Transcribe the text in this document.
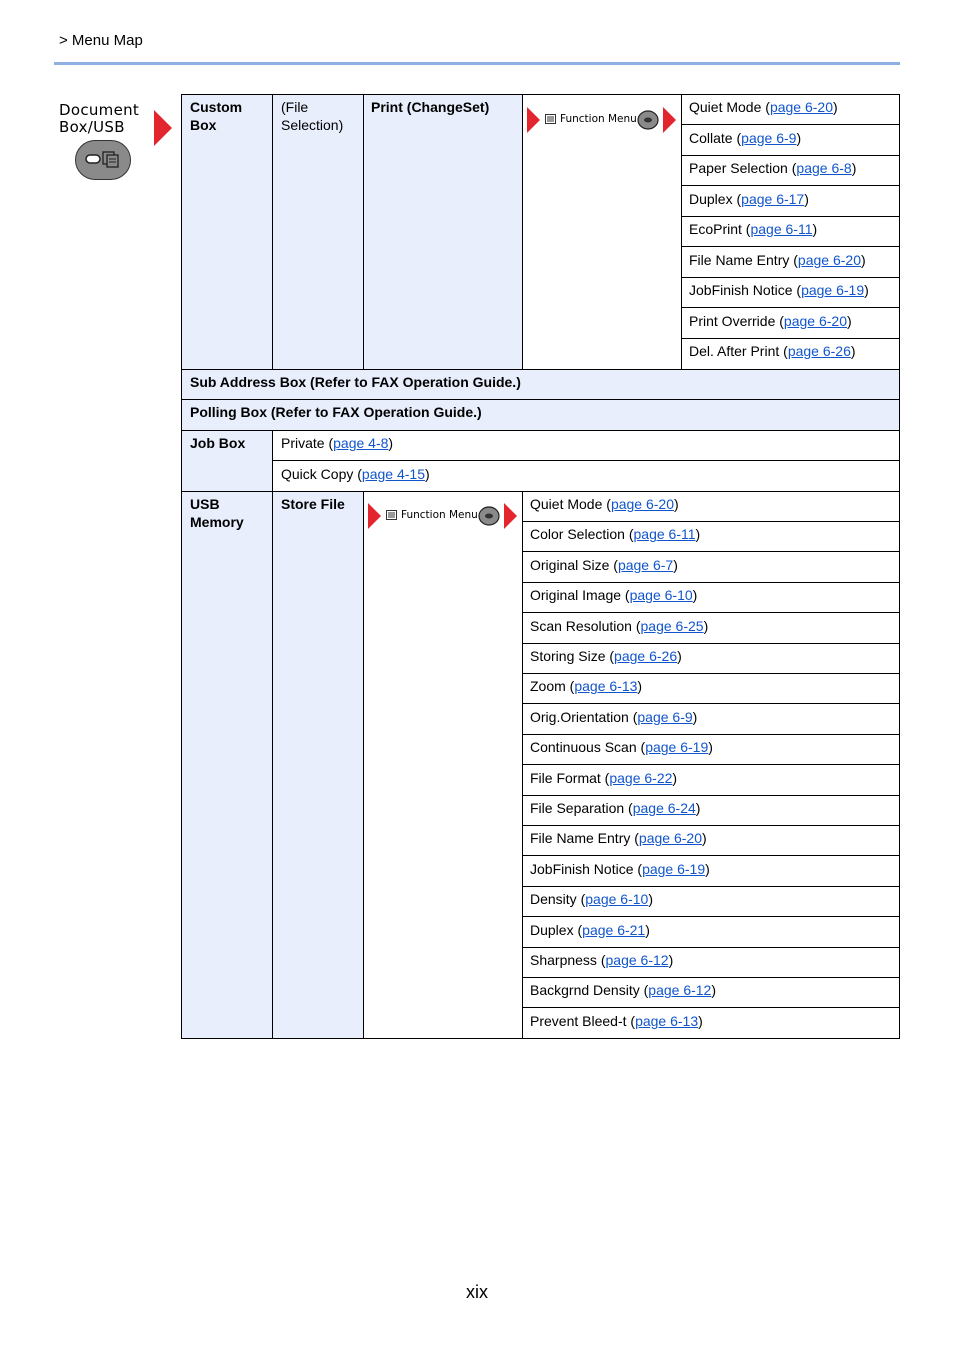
> Menu Map
Document
Box/USB
Custom Box
(File Selection)
Print (ChangeSet)
Function Menu
Quiet Mode (page 6-20)
Collate (page 6-9)
Paper Selection (page 6-8)
Duplex (page 6-17)
EcoPrint (page 6-11)
File Name Entry (page 6-20)
JobFinish Notice (page 6-19)
Print Override (page 6-20)
Del. After Print (page 6-26)
Sub Address Box (Refer to FAX Operation Guide.)
Polling Box (Refer to FAX Operation Guide.)
Job Box	Private (page 4-8)
Quick Copy (page 4-15)
USB Memory
Store File
Function Menu
Quiet Mode (page 6-20)
Color Selection (page 6-11)
Original Size (page 6-7)
Original Image (page 6-10)
Scan Resolution (page 6-25)
Storing Size (page 6-26)
Zoom (page 6-13)
Orig.Orientation (page 6-9)
Continuous Scan (page 6-19)
File Format (page 6-22)
File Separation (page 6-24)
File Name Entry (page 6-20)
JobFinish Notice (page 6-19)
Density (page 6-10)
Duplex (page 6-21)
Sharpness (page 6-12)
Backgrnd Density (page 6-12)
Prevent Bleed-t (page 6-13)
xix
